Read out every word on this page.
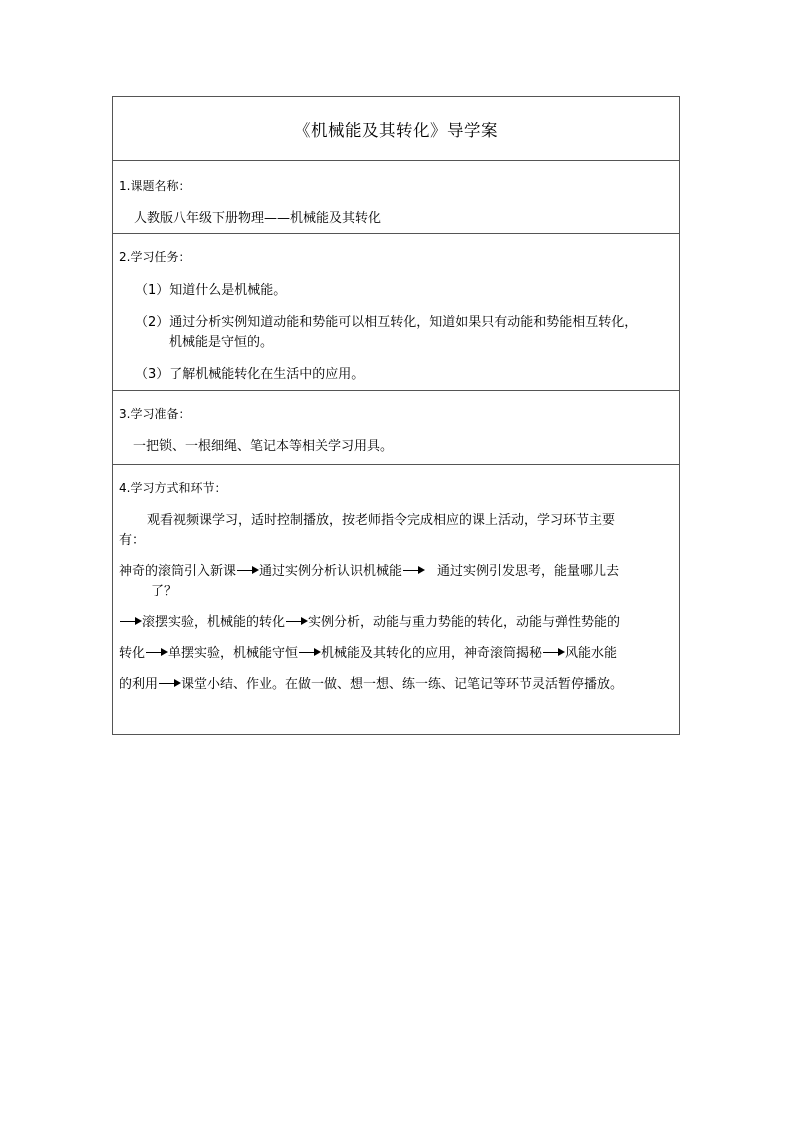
《机械能及其转化》导学案
1.课题名称：
人教版八年级下册物理——机械能及其转化
2.学习任务：
（1）知道什么是机械能。
（2）通过分析实例知道动能和势能可以相互转化，知道如果只有动能和势能相互转化，
机械能是守恒的。
（3）了解机械能转化在生活中的应用。
3.学习准备：
一把锁、一根细绳、笔记本等相关学习用具。
4.学习方式和环节：
观看视频课学习，适时控制播放，按老师指令完成相应的课上活动，学习环节主要
有：
神奇的滚筒引入新课 通过实例分析认识机械能	通过实例引发思考，能量哪儿去
了？
滚摆实验，机械能的转化 实例分析，动能与重力势能的转化，动能与弹性势能的
转化 单摆实验，机械能守恒 机械能及其转化的应用，神奇滚筒揭秘 风能水能
的利用 课堂小结、作业。在做一做、想一想、练一练、记笔记等环节灵活暂停播放。
